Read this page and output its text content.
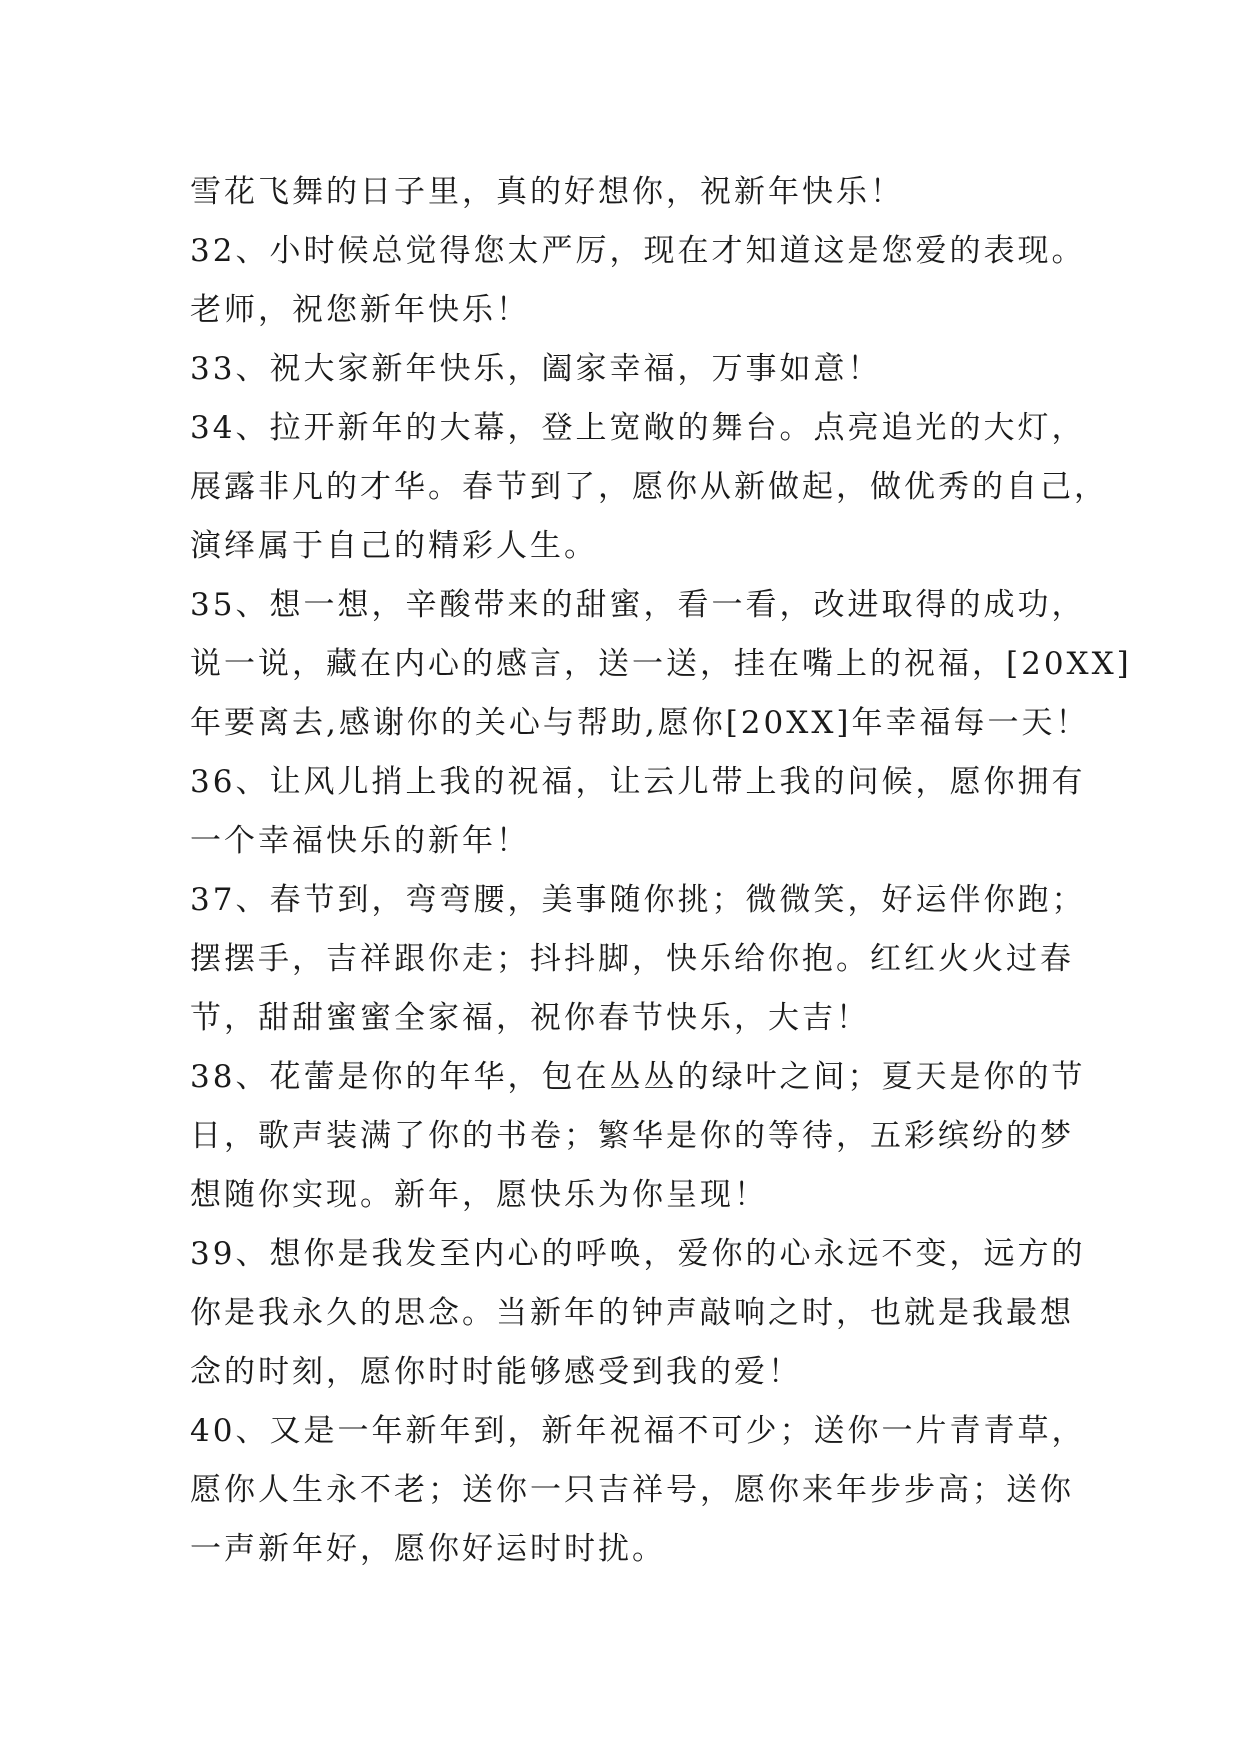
雪花飞舞的日子里，真的好想你，祝新年快乐！
32、小时候总觉得您太严厉，现在才知道这是您爱的表现。
老师，祝您新年快乐！
33、祝大家新年快乐，阖家幸福，万事如意！
34、拉开新年的大幕，登上宽敞的舞台。点亮追光的大灯，
展露非凡的才华。春节到了，愿你从新做起，做优秀的自己，
演绎属于自己的精彩人生。
35、想一想，辛酸带来的甜蜜，看一看，改进取得的成功，
说一说，藏在内心的感言，送一送，挂在嘴上的祝福，[20XX]
年要离去,感谢你的关心与帮助,愿你[20XX]年幸福每一天！
36、让风儿捎上我的祝福，让云儿带上我的问候，愿你拥有
一个幸福快乐的新年！
37、春节到，弯弯腰，美事随你挑；微微笑，好运伴你跑；
摆摆手，吉祥跟你走；抖抖脚，快乐给你抱。红红火火过春
节，甜甜蜜蜜全家福，祝你春节快乐，大吉！
38、花蕾是你的年华，包在丛丛的绿叶之间；夏天是你的节
日，歌声装满了你的书卷；繁华是你的等待，五彩缤纷的梦
想随你实现。新年，愿快乐为你呈现！
39、想你是我发至内心的呼唤，爱你的心永远不变，远方的
你是我永久的思念。当新年的钟声敲响之时，也就是我最想
念的时刻，愿你时时能够感受到我的爱！
40、又是一年新年到，新年祝福不可少；送你一片青青草，
愿你人生永不老；送你一只吉祥号，愿你来年步步高；送你
一声新年好，愿你好运时时扰。
